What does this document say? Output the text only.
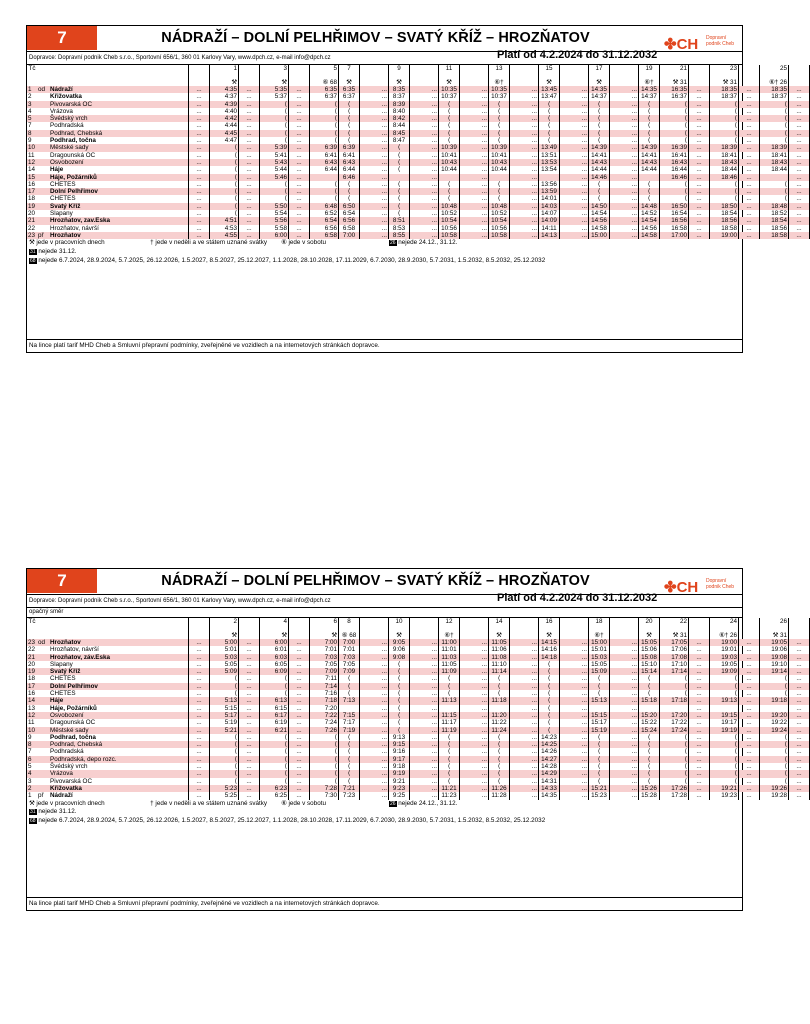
7	NÁDRAŽÍ – DOLNÍ PELHŘIMOV – SVATÝ KŘÍŽ – HROZŇATOV	✤CH Dopravní podnik Cheb
Dopravce: Dopravní podnik Cheb s.r.o., Sportovní 656/1, 360 01 Karlovy Vary, www.dpch.cz, e-mail info@dpch.cz	Platí od 4.2.2024 do 31.12.2032
Tč				1		3		5	7		9		11		13		15		17		19	21		23		25	

				⚒		⚒		⑥ 68	⚒		⚒		⚒		⑥†		⚒		⚒		⑥†	⚒ 31		⚒ 31		⑥† 26	
1	od	Nádraží	...	4:35	...	5:35	...	6:35	6:35	...	8:35	...	10:35	...	10:35	...	13:45	...	14:35	...	14:35	16:35	...	18:35	...	18:35	...
2		Křižovatka	...	4:37	...	5:37	...	6:37	6:37	...	8:37	...	10:37	...	10:37	...	13:47	...	14:37	...	14:37	16:37	...	18:37	...	18:37	...
3		Pivovarská OC	...	4:39	...	⟨	...	⟨	⟨	...	8:39	...	⟨	...	⟨	...	⟨	...	⟨	...	⟨	⟨	...	⟨	...	⟨	...
4		Vrázova	...	4:40	...	⟨	...	⟨	⟨	...	8:40	...	⟨	...	⟨	...	⟨	...	⟨	...	⟨	⟨	...	⟨	...	⟨	...
5		Švédský vrch	...	4:42	...	⟨	...	⟨	⟨	...	8:42	...	⟨	...	⟨	...	⟨	...	⟨	...	⟨	⟨	...	⟨	...	⟨	...
7		Podhradská	...	4:44	...	⟨	...	⟨	⟨	...	8:44	...	⟨	...	⟨	...	⟨	...	⟨	...	⟨	⟨	...	⟨	...	⟨	...
8		Podhrad, Chebská	...	4:45	...	⟨	...	⟨	⟨	...	8:45	...	⟨	...	⟨	...	⟨	...	⟨	...	⟨	⟨	...	⟨	...	⟨	...
9		Podhrad, točna	...	4:47	...	⟨	...	⟨	⟨	...	8:47	...	⟨	...	⟨	...	⟨	...	⟨	...	⟨	⟨	...	⟨	...	⟨	...
10		Městské sady	...	⟨	...	5:39	...	6:39	6:39	...	⟨	...	10:39	...	10:39	...	13:49	...	14:39	...	14:39	16:39	...	18:39	...	18:39	...
11		Dragounská OC	...	⟨	...	5:41	...	6:41	6:41	...	⟨	...	10:41	...	10:41	...	13:51	...	14:41	...	14:41	16:41	...	18:41	...	18:41	...
12		Osvobození	...	⟨	...	5:43	...	6:43	6:43	...	⟨	...	10:43	...	10:43	...	13:53	...	14:43	...	14:43	16:43	...	18:43	...	18:43	...
14		Háje	...	⟨	...	5:44	...	6:44	6:44	...	⟨	...	10:44	...	10:44	...	13:54	...	14:44	...	14:44	16:44	...	18:44	...	18:44	...
15		Háje, Požárníků	...	⟨	...	5:46	...		6:46	...		...		...		...		...	14:46	...		16:46	...	18:46	...		...
16		CHETES	...	⟨	...	⟨	...	⟨	⟨	...	⟨	...	⟨	...	⟨	...	13:56	...	⟨	...	⟨	⟨	...	⟨	...	⟨	...
17		Dolní Pelhřimov	...	⟨	...	⟨	...	⟨	⟨	...	⟨	...	⟨	...	⟨	...	13:59	...	⟨	...	⟨	⟨	...	⟨	...	⟨	...
18		CHETES	...	⟨	...	⟨	...	⟨	⟨	...	⟨	...	⟨	...	⟨	...	14:01	...	⟨	...	⟨	⟨	...	⟨	...	⟨	...
19		Svatý Kříž	...	⟨	...	5:50	...	6:48	6:50	...	⟨	...	10:48	...	10:48	...	14:03	...	14:50	...	14:48	16:50	...	18:50	...	18:48	...
20		Slapany	...	⟨	...	5:54	...	6:52	6:54	...	⟨	...	10:52	...	10:52	...	14:07	...	14:54	...	14:52	16:54	...	18:54	...	18:52	...
21		Hrozňatov, zav.Eska	...	4:51	...	5:56	...	6:54	6:56	...	8:51	...	10:54	...	10:54	...	14:09	...	14:56	...	14:54	16:56	...	18:56	...	18:54	...
22		Hrozňatov, návrší	...	4:53	...	5:58	...	6:56	6:58	...	8:53	...	10:56	...	10:56	...	14:11	...	14:58	...	14:56	16:58	...	18:58	...	18:56	...
23	př	Hrozňatov	...	4:55	...	6:00	...	6:58	7:00	...	8:55	...	10:58	...	10:58	...	14:13	...	15:00	...	14:58	17:00	...	19:00	...	18:58	...
⚒ jede v pracovních dnech                          † jede v neděli a ve státem uznané svátky        ⑥ jede v sobotu	26 nejede 24.12., 31.12.
31 nejede 31.12.
68 nejede 6.7.2024, 28.9.2024, 5.7.2025, 26.12.2026, 1.5.2027, 8.5.2027, 25.12.2027, 1.1.2028, 28.10.2028, 17.11.2029, 6.7.2030, 28.9.2030, 5.7.2031, 1.5.2032, 8.5.2032, 25.12.2032
Na lince platí tarif MHD Cheb a Smluvní přepravní podmínky, zveřejněné ve vozidlech a na internetových stránkách dopravce.
7	NÁDRAŽÍ – DOLNÍ PELHŘIMOV – SVATÝ KŘÍŽ – HROZŇATOV	✤CH Dopravní podnik Cheb
Dopravce: Dopravní podnik Cheb s.r.o., Sportovní 656/1, 360 01 Karlovy Vary, www.dpch.cz, e-mail info@dpch.cz	Platí od 4.2.2024 do 31.12.2032
opačný směr
Tč				2		4		6	8		10		12		14		16		18		20	22		24		26	

				⚒		⚒		⚒	⑥ 68		⚒		⑥†		⚒		⚒		⑥†		⚒	⚒ 31		⑥† 26		⚒ 31	
23	od	Hrozňatov	...	5:00	...	6:00	...	7:00	7:00	...	9:05	...	11:00	...	11:05	...	14:15	...	15:00	...	15:05	17:05	...	19:00	...	19:05	...
22		Hrozňatov, návrší	...	5:01	...	6:01	...	7:01	7:01	...	9:06	...	11:01	...	11:06	...	14:16	...	15:01	...	15:06	17:06	...	19:01	...	19:06	...
21		Hrozňatov, záv.Eska	...	5:03	...	6:03	...	7:03	7:03	...	9:08	...	11:03	...	11:08	...	14:18	...	15:03	...	15:08	17:08	...	19:03	...	19:08	...
20		Slapany	...	5:05	...	6:05	...	7:05	7:05	...	⟨	...	11:05	...	11:10	...	⟨	...	15:05	...	15:10	17:10	...	19:05	...	19:10	...
19		Svatý Kříž	...	5:09	...	6:09	...	7:09	7:09	...	⟨	...	11:09	...	11:14	...	⟨	...	15:09	...	15:14	17:14	...	19:09	...	19:14	...
18		CHETES	...	⟨	...	⟨	...	7:11	⟨	...	⟨	...	⟨	...	⟨	...	⟨	...	⟨	...	⟨	⟨	...	⟨	...	⟨	...
17		Dolní Pelhřimov	...	⟨	...	⟨	...	7:14	⟨	...	⟨	...	⟨	...	⟨	...	⟨	...	⟨	...	⟨	⟨	...	⟨	...	⟨	...
16		CHETES	...	⟨	...	⟨	...	7:16	⟨	...	⟨	...	⟨	...	⟨	...	⟨	...	⟨	...	⟨	⟨	...	⟨	...	⟨	...
14		Háje	...	5:13	...	6:13	...	7:18	7:13	...	⟨	...	11:13	...	11:18	...	⟨	...	15:13	...	15:18	17:18	...	19:13	...	19:18	...
13		Háje, Požárníků	...	5:15	...	6:15	...	7:20		...	⟨	...		...		...	⟨	...		...			...		...		...
12		Osvobození	...	5:17	...	6:17	...	7:22	7:15	...	⟨	...	11:15	...	11:20	...	⟨	...	15:15	...	15:20	17:20	...	19:15	...	19:20	...
11		Dragounská OC	...	5:19	...	6:19	...	7:24	7:17	...	⟨	...	11:17	...	11:22	...	⟨	...	15:17	...	15:22	17:22	...	19:17	...	19:22	...
10		Městské sady	...	5:21	...	6:21	...	7:26	7:19	...	⟨	...	11:19	...	11:24	...	⟨	...	15:19	...	15:24	17:24	...	19:19	...	19:24	...
9		Podhrad, točna	...	⟨	...	⟨	...	⟨	⟨	...	9:13	...	⟨	...	⟨	...	14:23	...	⟨	...	⟨	⟨	...	⟨	...	⟨	...
8		Podhrad, Chebská	...	⟨	...	⟨	...	⟨	⟨	...	9:15	...	⟨	...	⟨	...	14:25	...	⟨	...	⟨	⟨	...	⟨	...	⟨	...
7		Podhradská	...	⟨	...	⟨	...	⟨	⟨	...	9:16	...	⟨	...	⟨	...	14:26	...	⟨	...	⟨	⟨	...	⟨	...	⟨	...
6		Podhradská, depo rozc.	...	⟨	...	⟨	...	⟨	⟨	...	9:17	...	⟨	...	⟨	...	14:27	...	⟨	...	⟨	⟨	...	⟨	...	⟨	...
5		Švédský vrch	...	⟨	...	⟨	...	⟨	⟨	...	9:18	...	⟨	...	⟨	...	14:28	...	⟨	...	⟨	⟨	...	⟨	...	⟨	...
4		Vrázova	...	⟨	...	⟨	...	⟨	⟨	...	9:19	...	⟨	...	⟨	...	14:29	...	⟨	...	⟨	⟨	...	⟨	...	⟨	...
3		Pivovarská OC	...	⟨	...	⟨	...	⟨	⟨	...	9:21	...	⟨	...	⟨	...	14:31	...	⟨	...	⟨	⟨	...	⟨	...	⟨	...
2		Křižovatka	...	5:23	...	6:23	...	7:28	7:21	...	9:23	...	11:21	...	11:26	...	14:33	...	15:21	...	15:26	17:26	...	19:21	...	19:26	...
1	př	Nádraží	...	5:25	...	6:25	...	7:30	7:23	...	9:25	...	11:23	...	11:28	...	14:35	...	15:23	...	15:28	17:28	...	19:23	...	19:28	...
⚒ jede v pracovních dnech                          † jede v neděli a ve státem uznané svátky        ⑥ jede v sobotu	26 nejede 24.12., 31.12.
31 nejede 31.12.
68 nejede 6.7.2024, 28.9.2024, 5.7.2025, 26.12.2026, 1.5.2027, 8.5.2027, 25.12.2027, 1.1.2028, 28.10.2028, 17.11.2029, 6.7.2030, 28.9.2030, 5.7.2031, 1.5.2032, 8.5.2032, 25.12.2032
Na lince platí tarif MHD Cheb a Smluvní přepravní podmínky, zveřejněné ve vozidlech a na internetových stránkách dopravce.
